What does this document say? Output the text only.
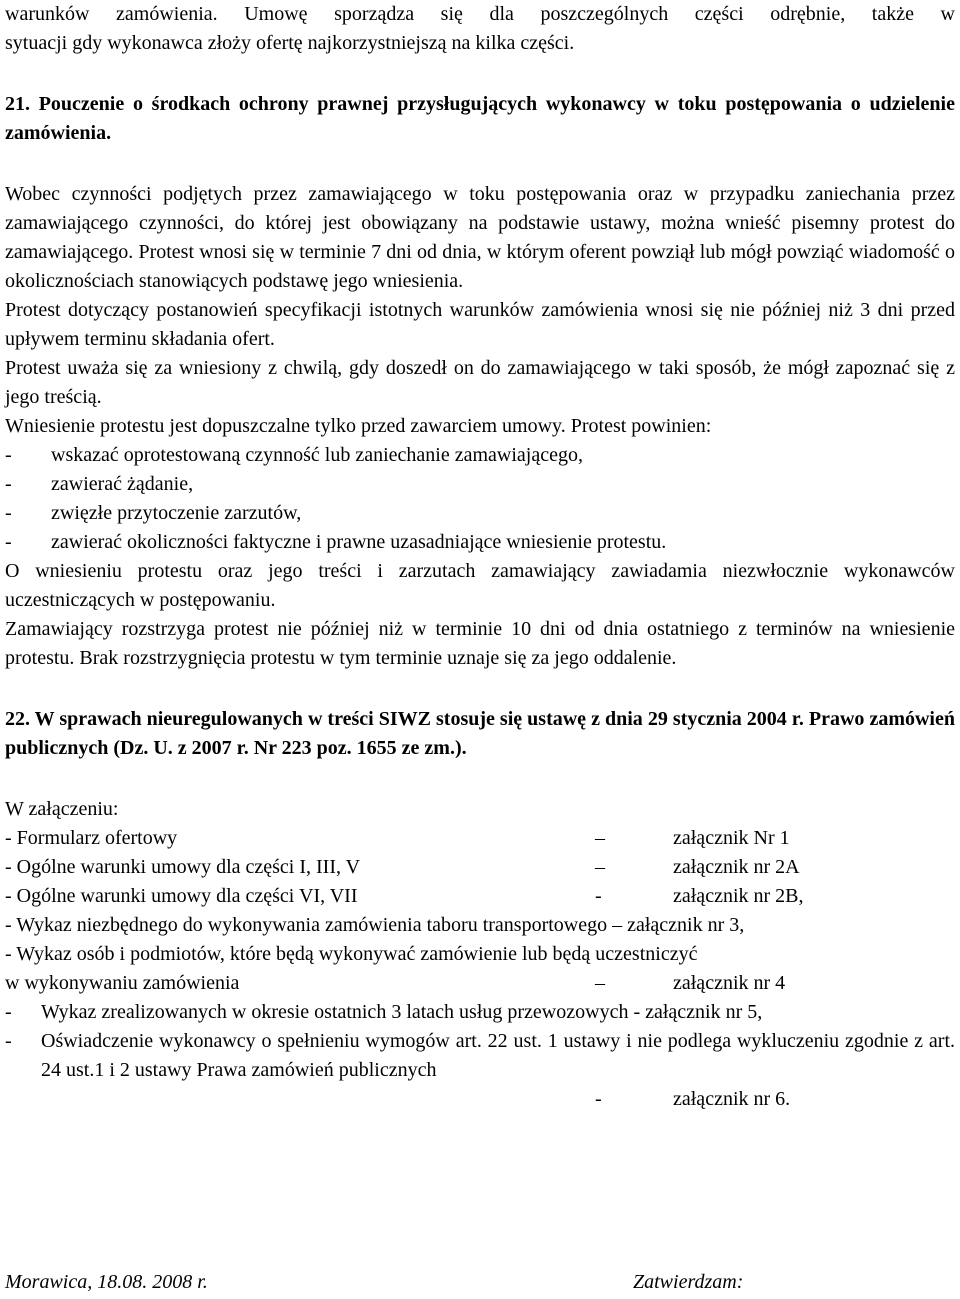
warunków zamówienia. Umowę sporządza się dla poszczególnych części odrębnie, także w

sytuacji gdy wykonawca złoży ofertę najkorzystniejszą na kilka części.

21. Pouczenie o środkach ochrony prawnej przysługujących wykonawcy w toku postępowania o udzielenie zamówienia.

Wobec czynności podjętych przez zamawiającego w toku postępowania oraz w przypadku zaniechania przez zamawiającego czynności, do której jest obowiązany na podstawie ustawy, można wnieść pisemny protest do zamawiającego. Protest wnosi się w terminie 7 dni od dnia, w którym oferent powziął lub mógł powziąć wiadomość o okolicznościach stanowiących podstawę jego wniesienia.

Protest dotyczący postanowień specyfikacji istotnych warunków zamówienia wnosi się nie później niż 3 dni przed upływem terminu składania ofert.

Protest uważa się za wniesiony z chwilą, gdy doszedł on do zamawiającego w taki sposób, że mógł zapoznać się z jego treścią.

Wniesienie protestu jest dopuszczalne tylko przed zawarciem umowy. Protest powinien:

-	wskazać oprotestowaną czynność lub zaniechanie zamawiającego,
-	zawierać żądanie,
-	zwięzłe przytoczenie zarzutów,
-	zawierać okoliczności faktyczne i prawne uzasadniające wniesienie protestu.

O wniesieniu protestu oraz jego treści i zarzutach zamawiający zawiadamia niezwłocznie wykonawców uczestniczących w postępowaniu.

Zamawiający rozstrzyga protest nie później niż w terminie 10 dni od dnia ostatniego z terminów na wniesienie protestu. Brak rozstrzygnięcia protestu w tym terminie uznaje się za jego oddalenie.

22. W sprawach nieuregulowanych w treści SIWZ stosuje się ustawę z dnia 29 stycznia 2004 r. Prawo zamówień publicznych (Dz. U. z 2007 r. Nr 223 poz. 1655 ze zm.).

W załączeniu:

- Formularz ofertowy	–	załącznik Nr 1
- Ogólne warunki umowy dla części I, III, V	–	załącznik nr 2A
- Ogólne warunki umowy dla części VI, VII	-	załącznik nr 2B,

- Wykaz niezbędnego do wykonywania zamówienia taboru transportowego – załącznik nr 3,

- Wykaz osób i podmiotów, które będą wykonywać zamówienie lub będą uczestniczyć

w wykonywaniu zamówienia	–	załącznik nr 4
-	Wykaz zrealizowanych w okresie ostatnich 3 latach usług przewozowych - załącznik nr 5,
-	Oświadczenie wykonawcy o spełnieniu wymogów art. 22 ust. 1 ustawy i nie podlega wykluczeniu zgodnie z art. 24 ust.1 i 2 ustawy Prawa zamówień publicznych
-	załącznik nr 6.
Morawica, 18.08. 2008 r.	Zatwierdzam:
